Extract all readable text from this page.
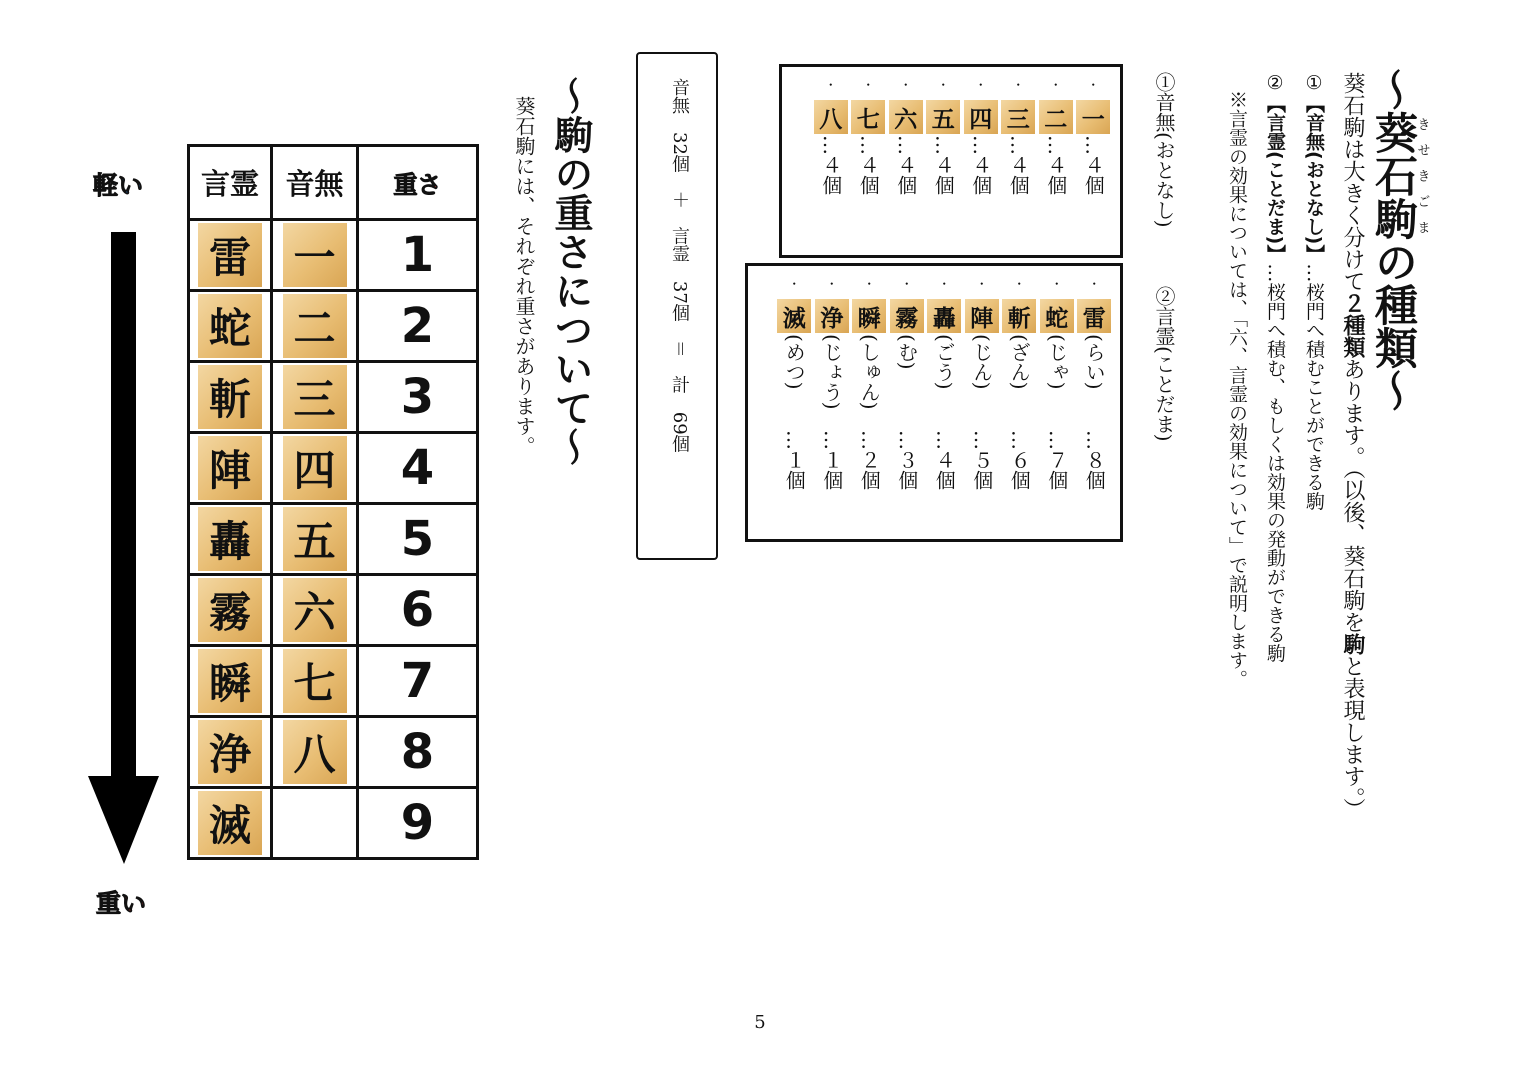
～葵石駒きせきごまの種類～
葵石駒は大きく分けて２種類あります。（以後、葵石駒を駒と表現します。）
①【音無(おとなし)】…桜門へ積むことができる駒
②【言霊(ことだま)】…桜門へ積む、もしくは効果の発動ができる駒
※言霊の効果については、「六、言霊の効果について」で説明します。
①音無(おとなし)
②言霊(ことだま)
・
一
…４個
・
二
…４個
・
三
…４個
・
四
…４個
・
五
…４個
・
六
…４個
・
七
…４個
・
八
…４個
・
雷
(らい)
…８個
・
蛇
(じゃ)
…７個
・
斬
(ざん)
…６個
・
陣
(じん)
…５個
・
轟
(ごう)
…４個
・
霧
(む)
…３個
・
瞬
(しゅん)
…２個
・
浄
(じょう)
…１個
・
滅
(めつ)
…１個
音無　32個　＋　言霊　37個　＝　計　69個
～駒の重さについて～
葵石駒には、それぞれ重さがあります。
言霊	音無	重さ
雷	一	1
蛇	二	2
斬	三	3
陣	四	4
轟	五	5
霧	六	6
瞬	七	7
浄	八	8
滅		9
軽い
重い
5
